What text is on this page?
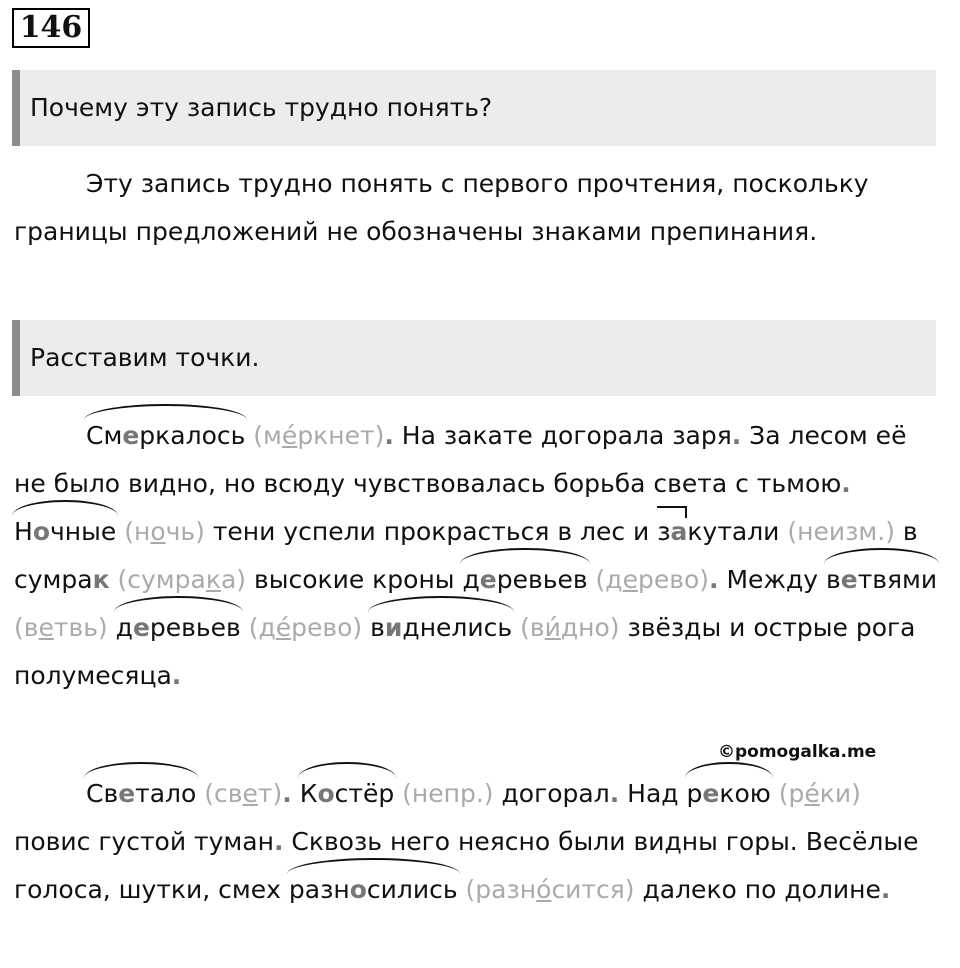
146
Почему эту запись трудно понять?

Эту запись трудно понять с первого прочтения, поскольку границы предложений не обозначены знаками препинания.

Расставим точки.

Смеркалось (ме́ркнет). На закате догорала заря. За лесом её не было видно, но всюду чувствовалась борьба света с тьмою. Ночные (ночь) тени успели прокрасться в лес и закутали (неизм.) в сумрак (сумрака) высокие кроны деревьев (дерево). Между ветвями (ветвь) деревьев (де́рево) виднелись (ви́дно) звёзды и острые рога полумесяца.

©pomogalka.me

Светало (свет). Костёр (непр.) догорал. Над рекою (ре́ки) повис густой туман. Сквозь него неясно были видны горы. Весёлые голоса, шутки, смех разносились (разно́сится) далеко по долине.
